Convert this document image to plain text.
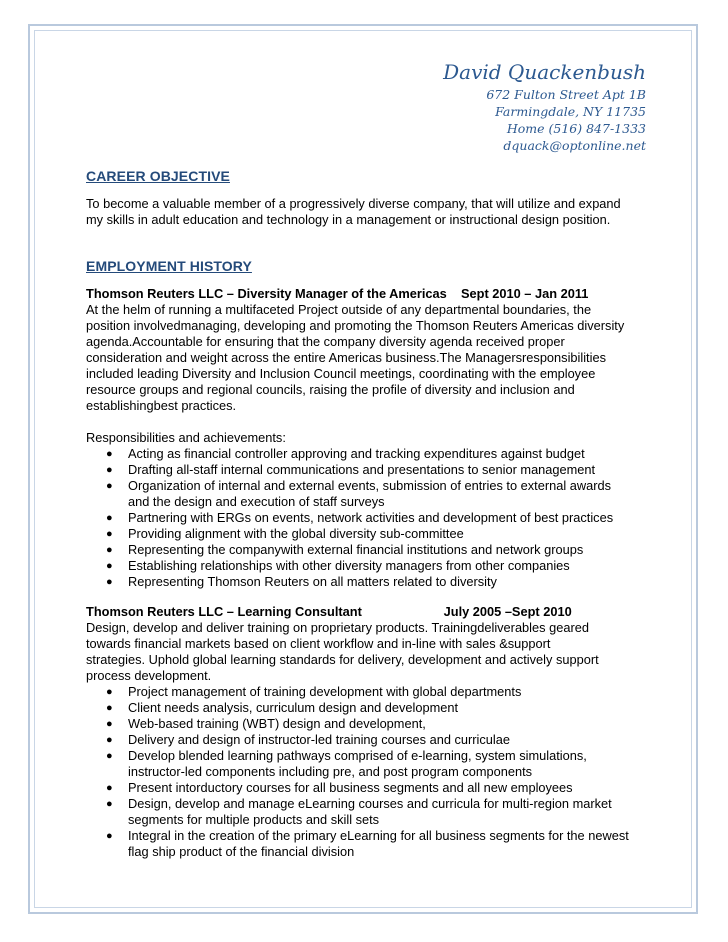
David Quackenbush
672 Fulton Street Apt 1B
Farmingdale, NY 11735
Home (516) 847-1333
dquack@optonline.net
CAREER OBJECTIVE
To become a valuable member of a progressively diverse company, that will utilize and expand
my skills in adult education and technology in a management or instructional design position.
EMPLOYMENT HISTORY
Thomson Reuters LLC – Diversity Manager of the Americas    Sept 2010 – Jan 2011
At the helm of running a multifaceted Project outside of any departmental boundaries, the
position involvedmanaging, developing and promoting the Thomson Reuters Americas diversity
agenda.Accountable for ensuring that the company diversity agenda received proper
consideration and weight across the entire Americas business.The Managersresponsibilities
included leading Diversity and Inclusion Council meetings, coordinating with the employee
resource groups and regional councils, raising the profile of diversity and inclusion and
establishingbest practices.
Responsibilities and achievements:
● Acting as financial controller approving and tracking expenditures against budget
● Drafting all-staff internal communications and presentations to senior management
● Organization of internal and external events, submission of entries to external awards
and the design and execution of staff surveys
● Partnering with ERGs on events, network activities and development of best practices
● Providing alignment with the global diversity sub-committee
● Representing the companywith external financial institutions and network groups
● Establishing relationships with other diversity managers from other companies
● Representing Thomson Reuters on all matters related to diversity
Thomson Reuters LLC – Learning Consultant                       July 2005 –Sept 2010
Design, develop and deliver training on proprietary products. Trainingdeliverables geared
towards financial markets based on client workflow and in-line with sales &support
strategies. Uphold global learning standards for delivery, development and actively support
process development.
● Project management of training development with global departments
● Client needs analysis, curriculum design and development
● Web-based training (WBT) design and development,
● Delivery and design of instructor-led training courses and curriculae
● Develop blended learning pathways comprised of e-learning, system simulations,
instructor-led components including pre, and post program components
● Present intorductory courses for all business segments and all new employees
● Design, develop and manage eLearning courses and curricula for multi-region market
segments for multiple products and skill sets
● Integral in the creation of the primary eLearning for all business segments for the newest
flag ship product of the financial division
